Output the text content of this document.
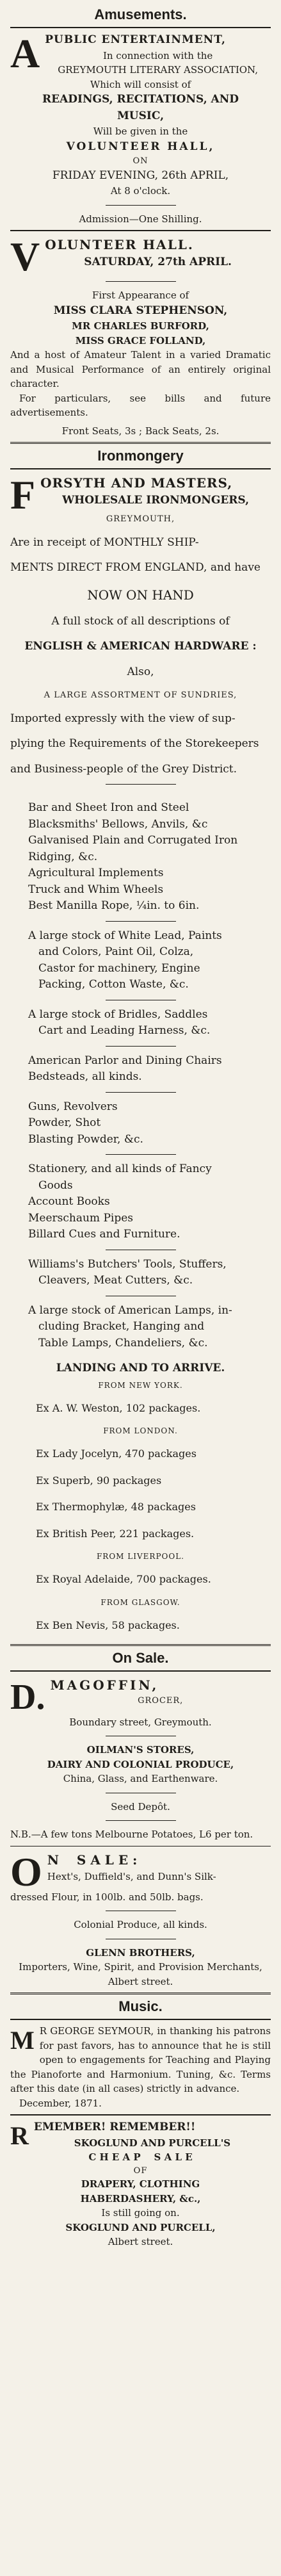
Amusements.
A PUBLIC ENTERTAINMENT,

In connection with the

GREYMOUTH LITERARY ASSOCIATION,

Which will consist of

READINGS, RECITATIONS, AND

MUSIC,

Will be given in the

VOLUNTEER HALL,

ON

FRIDAY EVENING, 26th APRIL,

At 8 o'clock.

Admission—One Shilling.

V OLUNTEER HALL.

SATURDAY, 27th APRIL.

First Appearance of

MISS CLARA STEPHENSON,

MR CHARLES BURFORD,

MISS GRACE FOLLAND,

And a host of Amateur Talent in a varied Dramatic and Musical Performance of an entirely original character.

For particulars, see bills and future advertisements.

Front Seats, 3s ; Back Seats, 2s.

Ironmongery
F ORSYTH AND MASTERS,

WHOLESALE IRONMONGERS,

GREYMOUTH,

Are in receipt of MONTHLY SHIP-

MENTS DIRECT FROM ENGLAND, and have

NOW ON HAND

A full stock of all descriptions of

ENGLISH & AMERICAN HARDWARE :

Also,

A LARGE ASSORTMENT OF SUNDRIES,

Imported expressly with the view of sup-

plying the Requirements of the Storekeepers

and Business-people of the Grey District.

Bar and Sheet Iron and Steel

Blacksmiths' Bellows, Anvils, &c

Galvanised Plain and Corrugated Iron

Ridging, &c.

Agricultural Implements

Truck and Whim Wheels

Best Manilla Rope, ¼in. to 6in.

A large stock of White Lead, Paints

and Colors, Paint Oil, Colza,

Castor for machinery, Engine

Packing, Cotton Waste, &c.

A large stock of Bridles, Saddles

Cart and Leading Harness, &c.

American Parlor and Dining Chairs

Bedsteads, all kinds.

Guns, Revolvers

Powder, Shot

Blasting Powder, &c.

Stationery, and all kinds of Fancy

Goods

Account Books

Meerschaum Pipes

Billard Cues and Furniture.

Williams's Butchers' Tools, Stuffers,

Cleavers, Meat Cutters, &c.

A large stock of American Lamps, in-

cluding Bracket, Hanging and

Table Lamps, Chandeliers, &c.

LANDING AND TO ARRIVE.

FROM NEW YORK.

Ex A. W. Weston, 102 packages.

FROM LONDON.

Ex Lady Jocelyn, 470 packages

Ex Superb, 90 packages

Ex Thermophylæ, 48 packages

Ex British Peer, 221 packages.

FROM LIVERPOOL.

Ex Royal Adelaide, 700 packages.

FROM GLASGOW.

Ex Ben Nevis, 58 packages.

On Sale.
D. MAGOFFIN,

GROCER,

Boundary street, Greymouth.

OILMAN'S STORES,

DAIRY AND COLONIAL PRODUCE,

China, Glass, and Earthenware.

Seed Depôt.

N.B.—A few tons Melbourne Potatoes, L6 per ton.

O N    S A L E :

Hext's, Duffield's, and Dunn's Silk-

dressed Flour, in 100lb. and 50lb. bags.

Colonial Produce, all kinds.

GLENN BROTHERS,

Importers, Wine, Spirit, and Provision Merchants, Albert street.

Music.
M R GEORGE SEYMOUR, in thanking his patrons for past favors, has to announce that he is still open to engagements for Teaching and Playing the Pianoforte and Harmonium. Tuning, &c. Terms after this date (in all cases) strictly in advance.

December, 1871.

R EMEMBER! REMEMBER!!

SKOGLUND AND PURCELL'S

C H E A P    S A L E

OF

DRAPERY, CLOTHING

HABERDASHERY, &c.,

Is still going on.

SKOGLUND AND PURCELL,

Albert street.
